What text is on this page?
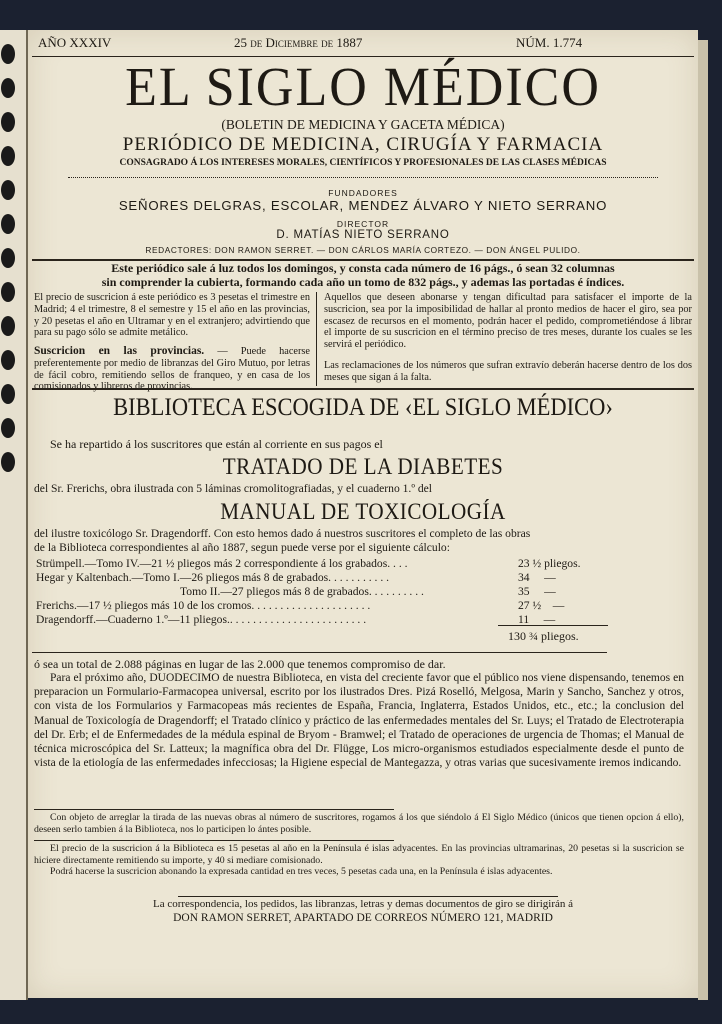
AÑO XXXIV	25 de Diciembre de 1887	NÚM. 1.774
EL SIGLO MÉDICO
(BOLETIN DE MEDICINA Y GACETA MÉDICA)
PERIÓDICO DE MEDICINA, CIRUGÍA Y FARMACIA
CONSAGRADO Á LOS INTERESES MORALES, CIENTÍFICOS Y PROFESIONALES DE LAS CLASES MÉDICAS
FUNDADORES
SEÑORES DELGRAS, ESCOLAR, MENDEZ ÁLVARO Y NIETO SERRANO
DIRECTOR
D. MATÍAS NIETO SERRANO
REDACTORES: DON RAMON SERRET. — DON CÁRLOS MARÍA CORTEZO. — DON ÁNGEL PULIDO.
Este periódico sale á luz todos los domingos, y consta cada número de 16 págs., ó sean 32 columnas
sin comprender la cubierta, formando cada año un tomo de 832 págs., y ademas las portadas é índices.
El precio de suscricion á este periódico es 3 pesetas el trimestre en Madrid; 4 el trimestre, 8 el semestre y 15 el año en las provincias, y 20 pesetas el año en Ultramar y en el extranjero; advirtiendo que para su pago sólo se admite metálico.
Suscricion en las provincias. — Puede hacerse preferentemente por medio de libranzas del Giro Mutuo, por letras de fácil cobro, remitiendo sellos de franqueo, y en casa de los comisionados y libreros de provincias.
Aquellos que deseen abonarse y tengan dificultad para satisfacer el importe de la suscricion, sea por la imposibilidad de hallar al pronto medios de hacer el giro, sea por escasez de recursos en el momento, podrán hacer el pedido, comprometiéndose á librar el importe de su suscricion en el término preciso de tres meses, durante los cuales se les servirá el periódico.
Las reclamaciones de los números que sufran extravío deberán hacerse dentro de los dos meses que sigan á la falta.
BIBLIOTECA ESCOGIDA DE ‹EL SIGLO MÉDICO›
Se ha repartido á los suscritores que están al corriente en sus pagos el
TRATADO DE LA DIABETES
del Sr. Frerichs, obra ilustrada con 5 láminas cromolitografiadas, y el cuaderno 1.º del
MANUAL DE TOXICOLOGÍA
del ilustre toxicólogo Sr. Dragendorff. Con esto hemos dado á nuestros suscritores el completo de las obras
de la Biblioteca correspondientes al año 1887, segun puede verse por el siguiente cálculo:
Strümpell.—Tomo IV.—21 ½ pliegos más 2 correspondiente á los grabados. . . .	23 ½ pliegos.
Hegar y Kaltenbach.—Tomo I.—26 pliegos más 8 de grabados. . . . . . . . . . .	34     —
Tomo II.—27 pliegos más 8 de grabados. . . . . . . . . .	35     —
Frerichs.—17 ½ pliegos más 10 de los cromos. . . . . . . . . . . . . . . . . . . . .	27 ½    —
Dragendorff.—Cuaderno 1.º—11 pliegos.. . . . . . . . . . . . . . . . . . . . . . . .	11     —
130 ¾ pliegos.
ó sea un total de 2.088 páginas en lugar de las 2.000 que tenemos compromiso de dar.
Para el próximo año, DUODECIMO de nuestra Biblioteca, en vista del creciente favor que el público nos viene dispensando, tenemos en preparacion un Formulario-Farmacopea universal, escrito por los ilustrados Dres. Pizá Roselló, Melgosa, Marin y Sancho, Sanchez y otros, con vista de los Formularios y Farmacopeas más recientes de España, Francia, Inglaterra, Estados Unidos, etc., etc.; la conclusion del Manual de Toxicología de Dragendorff; el Tratado clínico y práctico de las enfermedades mentales del Sr. Luys; el Tratado de Electroterapia del Dr. Erb; el de Enfermedades de la médula espinal de Bryom - Bramwel; el Tratado de operaciones de urgencia de Thomas; el Manual de técnica microscópica del Sr. Latteux; la magnífica obra del Dr. Flügge, Los micro-organismos estudiados especialmente desde el punto de vista de la etiología de las enfermedades infecciosas; la Higiene especial de Mantegazza, y otras varias que sucesivamente iremos indicando.
Con objeto de arreglar la tirada de las nuevas obras al número de suscritores, rogamos á los que siéndolo á El Siglo Médico (únicos que tienen opcion á ello), deseen serlo tambien á la Biblioteca, nos lo participen lo ántes posible.
El precio de la suscricion á la Biblioteca es 15 pesetas al año en la Península é islas adyacentes. En las provincias ultramarinas, 20 pesetas si la suscricion se hiciere directamente remitiendo su importe, y 40 si mediare comisionado.
Podrá hacerse la suscricion abonando la expresada cantidad en tres veces, 5 pesetas cada una, en la Península é islas adyacentes.
La correspondencia, los pedidos, las libranzas, letras y demas documentos de giro se dirigirán á
DON RAMON SERRET, APARTADO DE CORREOS NÚMERO 121, MADRID
